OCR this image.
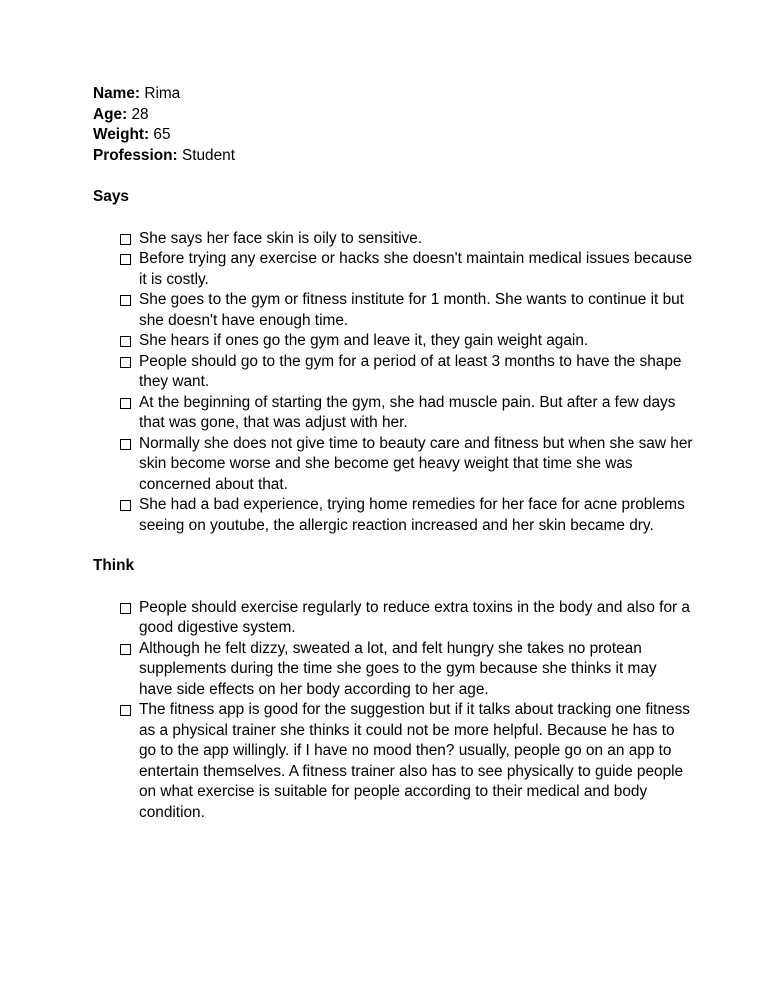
Name: Rima

Age: 28

Weight: 65

Profession: Student

Says

She says her face skin is oily to sensitive.
Before trying any exercise or hacks she doesn't maintain medical issues because it is costly.
She goes to the gym or fitness institute for 1 month. She wants to continue it but she doesn't have enough time.
She hears if ones go the gym and leave it, they gain weight again.
People should go to the gym for a period of at least 3 months to have the shape they want.
At the beginning of starting the gym, she had muscle pain. But after a few days that was gone, that was adjust with her.
Normally she does not give time to beauty care and fitness but when she saw her skin become worse and she become get heavy weight that time she was concerned about that.
She had a bad experience, trying home remedies for her face for acne problems seeing on youtube, the allergic reaction increased and her skin became dry.

Think

People should exercise regularly to reduce extra toxins in the body and also for a good digestive system.
Although he felt dizzy, sweated a lot, and felt hungry she takes no protean supplements during the time she goes to the gym because she thinks it may have side effects on her body according to her age.
The fitness app is good for the suggestion but if it talks about tracking one fitness as a physical trainer she thinks it could not be more helpful. Because he has to go to the app willingly. if I have no mood then? usually, people go on an app to entertain themselves. A fitness trainer also has to see physically to guide people on what exercise is suitable for people according to their medical and body condition.
